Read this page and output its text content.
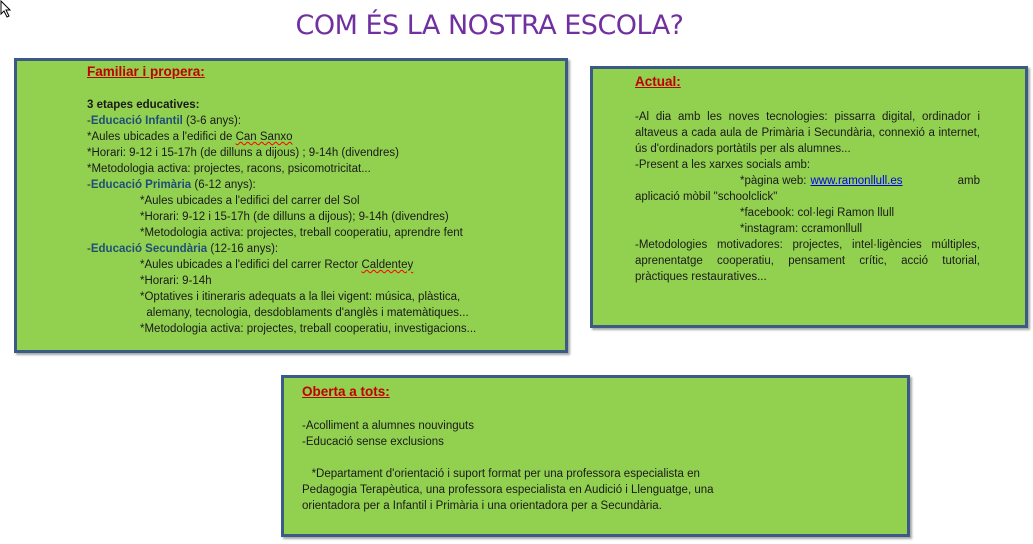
COM ÉS LA NOSTRA ESCOLA?
Familiar i propera:
3 etapes educatives:
-Educació Infantil (3-6 anys):
*Aules ubicades a l'edifici de Can Sanxo
*Horari: 9-12 i 15-17h (de dilluns a dijous) ; 9-14h (divendres)
*Metodologia activa: projectes, racons, psicomotricitat...
-Educació Primària (6-12 anys):
*Aules ubicades a l'edifici del carrer del Sol
*Horari: 9-12 i 15-17h (de dilluns a dijous); 9-14h (divendres)
*Metodologia activa: projectes, treball cooperatiu, aprendre fent
-Educació Secundària (12-16 anys):
*Aules ubicades a l'edifici del carrer Rector Caldentey
*Horari: 9-14h
*Optatives i itineraris adequats a la llei vigent: música, plàstica,
alemany, tecnologia, desdoblaments d'anglès i matemàtiques...
*Metodologia activa: projectes, treball cooperatiu, investigacions...
Actual:
-Al dia amb les noves tecnologies: pissarra digital, ordinador i altaveus a cada aula de Primària i Secundària, connexió a internet, ús d'ordinadors portàtils per als alumnes...
-Present a les xarxes socials amb:
*pàgina web: www.ramonllull.es	amb
aplicació mòbil "schoolclick"
*facebook: col·legi Ramon llull
*instagram: ccramonllull
-Metodologies motivadores: projectes, intel·ligències múltiples, aprenentatge cooperatiu, pensament crític, acció tutorial, pràctiques restauratives...
Oberta a tots:
-Acolliment a alumnes nouvinguts
-Educació sense exclusions
*Departament d'orientació i suport format per una professora especialista en
Pedagogia Terapèutica, una professora especialista en Audició i Llenguatge, una
orientadora per a Infantil i Primària i una orientadora per a Secundària.
